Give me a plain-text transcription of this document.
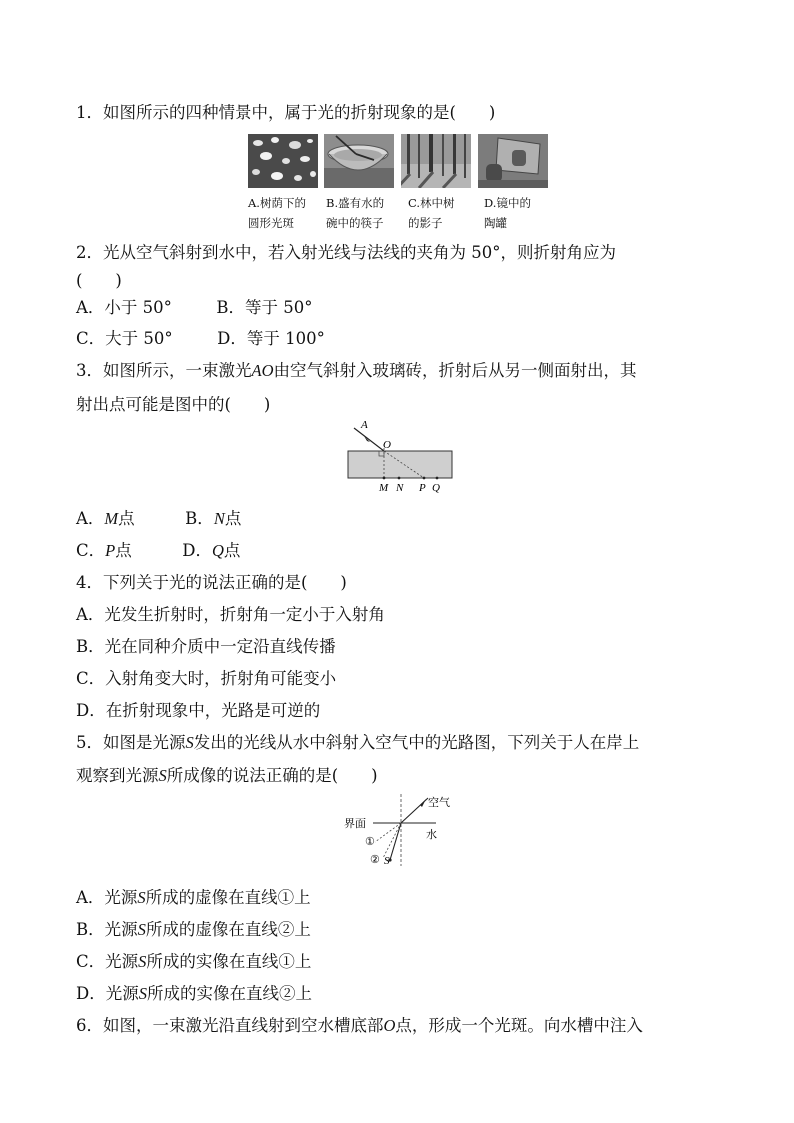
1．如图所示的四种情景中，属于光的折射现象的是(　　)
A.树荫下的
圆形光斑
B.盛有水的
碗中的筷子
C.林中树
的影子
D.镜中的
陶罐
2．光从空气斜射到水中，若入射光线与法线的夹角为 50°，则折射角应为
(　　)
A．小于 50°	B．等于 50°
C．大于 50°	D．等于 100°
3．如图所示，一束激光AO由空气斜射入玻璃砖，折射后从另一侧面射出，其
射出点可能是图中的(　　)
A
O
M N P Q
A．M点	B．N点
C．P点	D．Q点
4．下列关于光的说法正确的是(　　)
A．光发生折射时，折射角一定小于入射角
B．光在同种介质中一定沿直线传播
C．入射角变大时，折射角可能变小
D．在折射现象中，光路是可逆的
5．如图是光源S发出的光线从水中斜射入空气中的光路图，下列关于人在岸上
观察到光源S所成像的说法正确的是(　　)
空气
界面
水
①
② S
A．光源S所成的虚像在直线①上
B．光源S所成的虚像在直线②上
C．光源S所成的实像在直线①上
D．光源S所成的实像在直线②上
6．如图，一束激光沿直线射到空水槽底部O点，形成一个光斑。向水槽中注入
